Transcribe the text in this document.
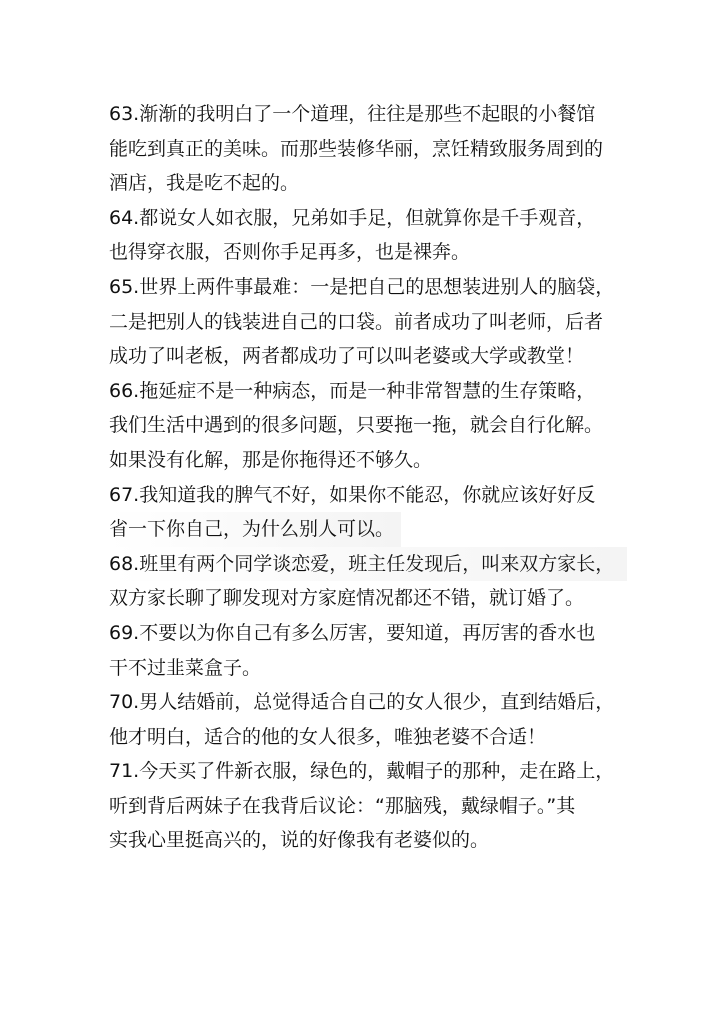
63.渐渐的我明白了一个道理，往往是那些不起眼的小餐馆
能吃到真正的美味。而那些装修华丽，烹饪精致服务周到的
酒店，我是吃不起的。
64.都说女人如衣服，兄弟如手足，但就算你是千手观音，
也得穿衣服，否则你手足再多，也是裸奔。
65.世界上两件事最难：一是把自己的思想装进别人的脑袋，
二是把别人的钱装进自己的口袋。前者成功了叫老师，后者
成功了叫老板，两者都成功了可以叫老婆或大学或教堂！
66.拖延症不是一种病态，而是一种非常智慧的生存策略，
我们生活中遇到的很多问题，只要拖一拖，就会自行化解。
如果没有化解，那是你拖得还不够久。
67.我知道我的脾气不好，如果你不能忍，你就应该好好反
省一下你自己，为什么别人可以。
68.班里有两个同学谈恋爱，班主任发现后，叫来双方家长，
双方家长聊了聊发现对方家庭情况都还不错，就订婚了。
69.不要以为你自己有多么厉害，要知道，再厉害的香水也
干不过韭菜盒子。
70.男人结婚前，总觉得适合自己的女人很少，直到结婚后，
他才明白，适合的他的女人很多，唯独老婆不合适！
71.今天买了件新衣服，绿色的，戴帽子的那种，走在路上，
听到背后两妹子在我背后议论：“那脑残，戴绿帽子。”其
实我心里挺高兴的，说的好像我有老婆似的。
